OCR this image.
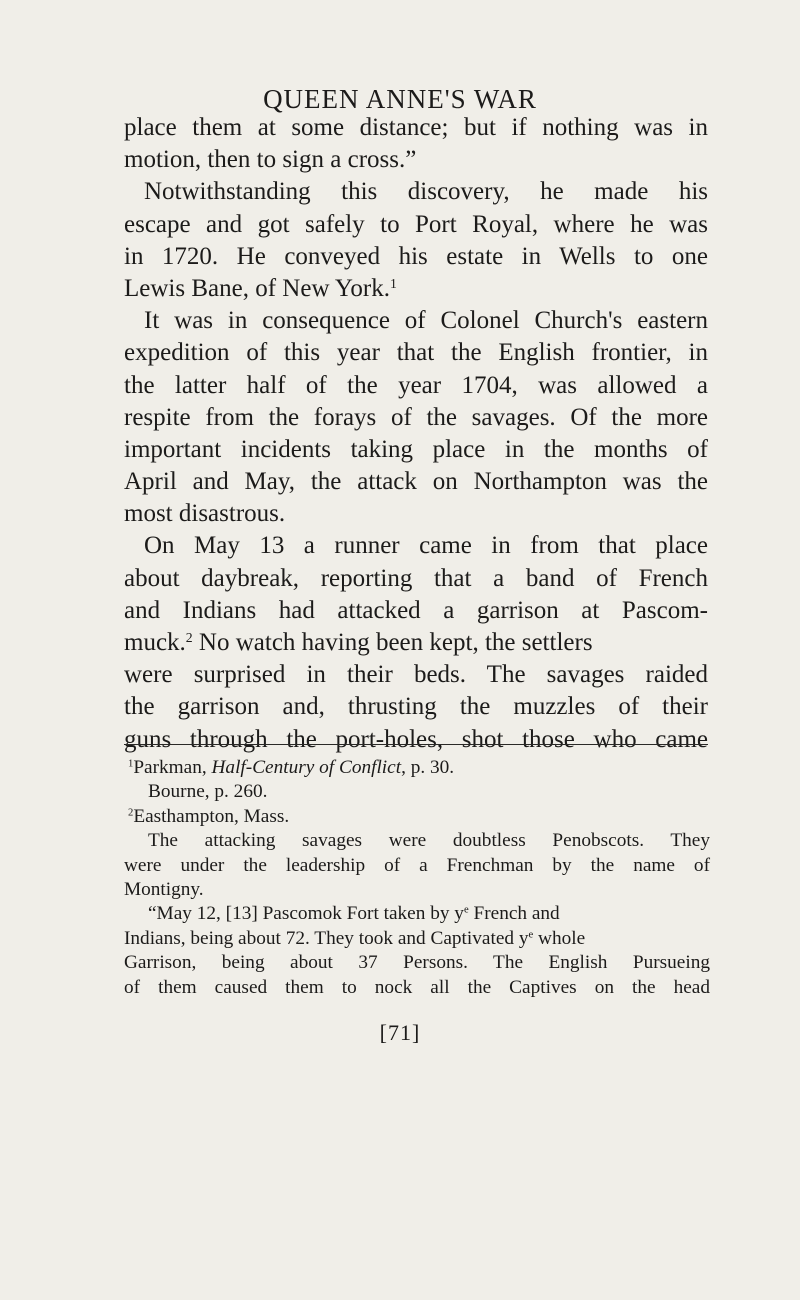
QUEEN ANNE'S WAR
place them at some distance; but if nothing was in
motion, then to sign a cross.”
Notwithstanding this discovery, he made his
escape and got safely to Port Royal, where he was
in 1720. He conveyed his estate in Wells to one
Lewis Bane, of New York.$^1$
It was in consequence of Colonel Church's eastern
expedition of this year that the English frontier, in
the latter half of the year 1704, was allowed a
respite from the forays of the savages. Of the more
important incidents taking place in the months of
April and May, the attack on Northampton was the
most disastrous.
On May 13 a runner came in from that place
about daybreak, reporting that a band of French
and Indians had attacked a garrison at Pascom-
muck.$^2$ No watch having been kept, the settlers
were surprised in their beds. The savages raided
the garrison and, thrusting the muzzles of their
guns through the port-holes, shot those who came
$^1$Parkman, Half-Century of Conflict, p. 30.
Bourne, p. 260.
$^2$Easthampton, Mass.
The attacking savages were doubtless Penobscots. They
were under the leadership of a Frenchman by the name of
Montigny.
“May 12, [13] Pascomok Fort taken by $y^e$ French and
Indians, being about 72. They took and Captivated $y^e$ whole
Garrison, being about 37 Persons. The English Pursueing
of them caused them to nock all the Captives on the head
[71]
